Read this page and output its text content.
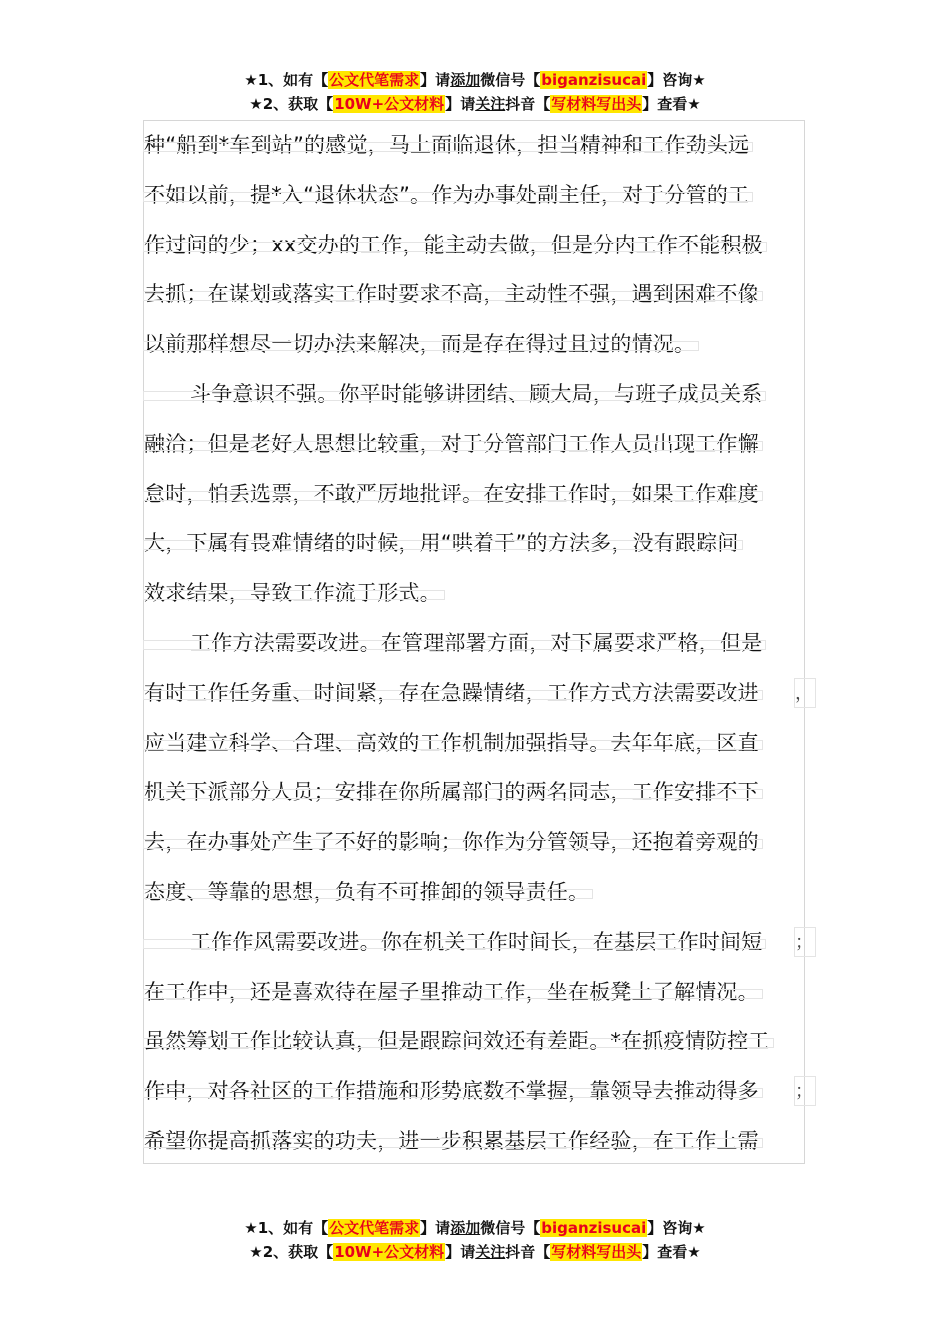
★1、如有【公文代笔需求】请添加微信号【biganzisucai】咨询★
★2、获取【10W+公文材料】请关注抖音【写材料写出头】查看★
种“船到*车到站”的感觉，马上面临退休，担当精神和工作劲头远
不如以前，提*入“退休状态”。作为办事处副主任，对于分管的工
作过问的少；xx交办的工作，能主动去做，但是分内工作不能积极
去抓；在谋划或落实工作时要求不高，主动性不强，遇到困难不像
以前那样想尽一切办法来解决，而是存在得过且过的情况。
斗争意识不强。你平时能够讲团结、顾大局，与班子成员关系
融洽；但是老好人思想比较重，对于分管部门工作人员出现工作懈
怠时，怕丢选票，不敢严厉地批评。在安排工作时，如果工作难度
大，下属有畏难情绪的时候，用“哄着干”的方法多，没有跟踪问
效求结果，导致工作流于形式。
工作方法需要改进。在管理部署方面，对下属要求严格，但是
有时工作任务重、时间紧，存在急躁情绪，工作方式方法需要改进 ，
应当建立科学、合理、高效的工作机制加强指导。去年年底，区直
机关下派部分人员；安排在你所属部门的两名同志，工作安排不下
去，在办事处产生了不好的影响；你作为分管领导，还抱着旁观的
态度、等靠的思想，负有不可推卸的领导责任。
工作作风需要改进。你在机关工作时间长，在基层工作时间短 ；
在工作中，还是喜欢待在屋子里推动工作，坐在板凳上了解情况。
虽然筹划工作比较认真，但是跟踪问效还有差距。*在抓疫情防控工
作中，对各社区的工作措施和形势底数不掌握，靠领导去推动得多 ；
希望你提高抓落实的功夫，进一步积累基层工作经验，在工作上需
★1、如有【公文代笔需求】请添加微信号【biganzisucai】咨询★
★2、获取【10W+公文材料】请关注抖音【写材料写出头】查看★
